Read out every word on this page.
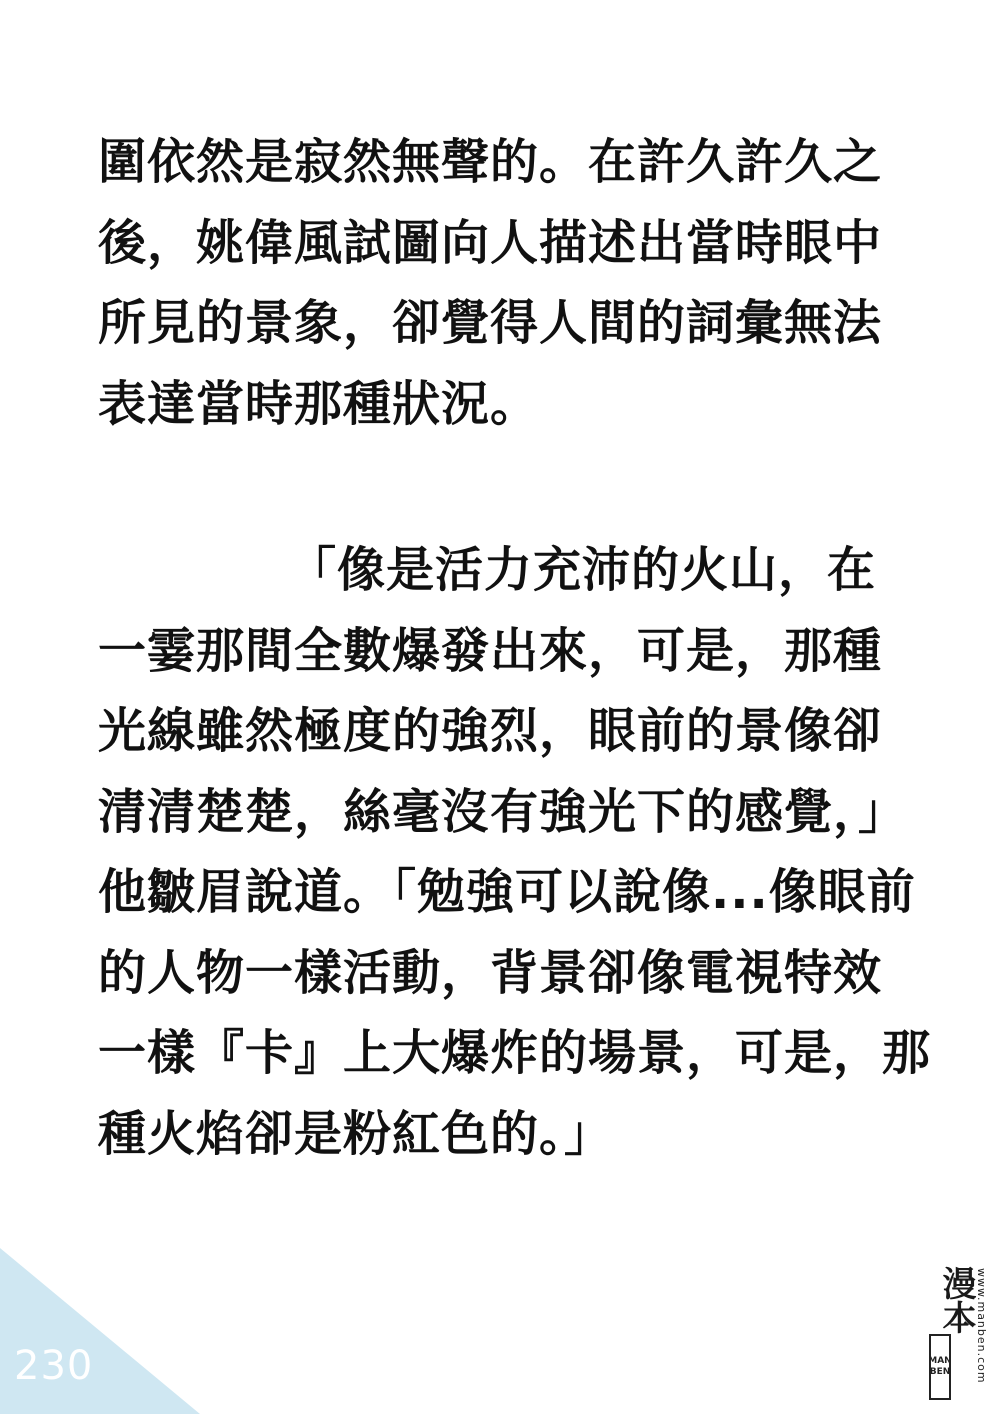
圍依然是寂然無聲的。在許久許久之
後，姚偉風試圖向人描述出當時眼中
所見的景象，卻覺得人間的詞彙無法
表達當時那種狀況。
「像是活力充沛的火山，在
一霎那間全數爆發出來，可是，那種
光線雖然極度的強烈，眼前的景像卻
清清楚楚，絲毫沒有強光下的感覺，」
他皺眉說道。「勉強可以說像...像眼前
的人物一樣活動，背景卻像電視特效
一樣『卡』上大爆炸的場景，可是，那
種火焰卻是粉紅色的。」
230
漫本
MAN
BEN www.manben.com
